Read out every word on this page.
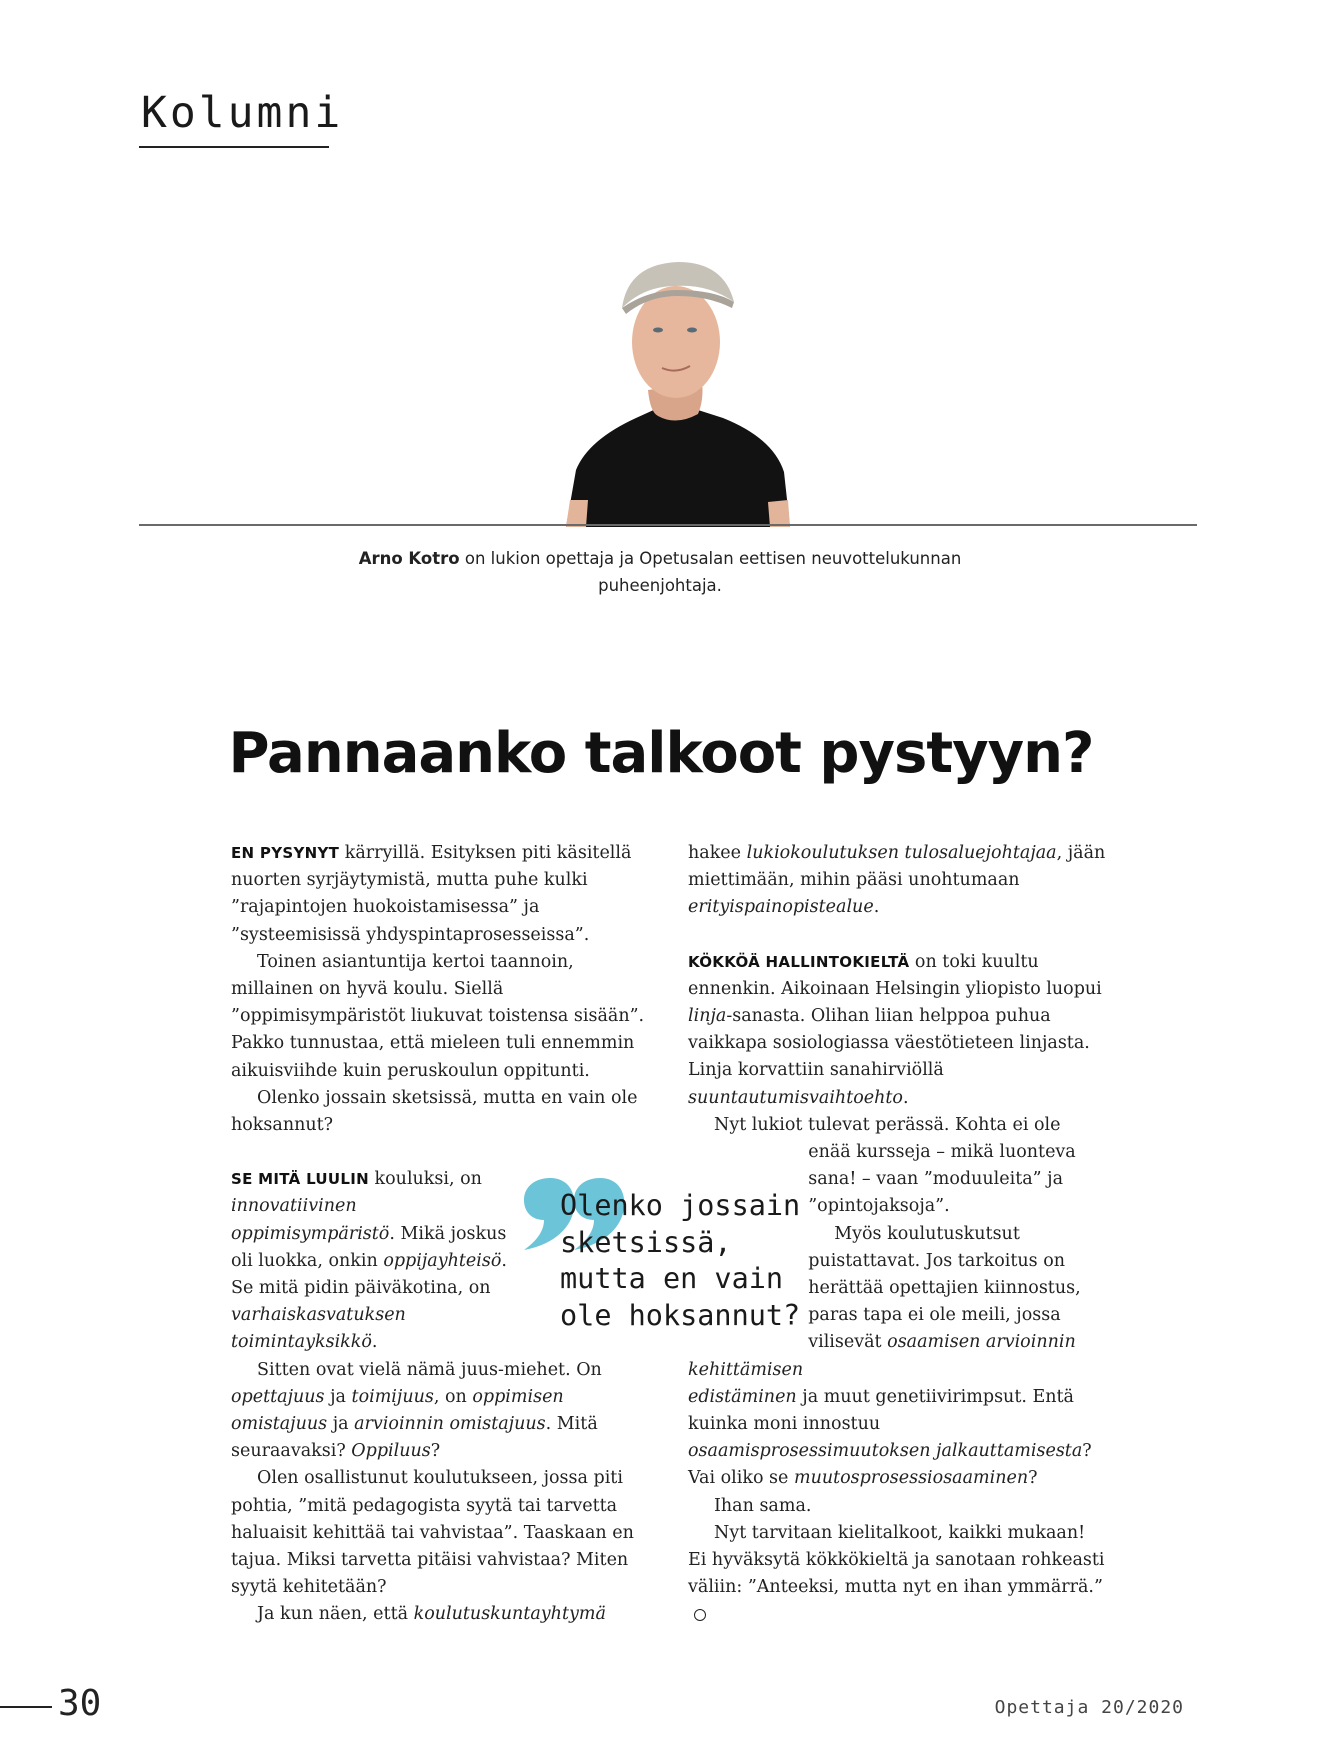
Kolumni
Arno Kotro on lukion opettaja ja Opetusalan eettisen neuvottelukunnan puheenjohtaja.
Pannaanko talkoot pystyyn?

EN PYSYNYT kärryillä. Esityksen piti käsitellä nuorten syrjäytymistä, mutta puhe kulki ”rajapintojen huokoistamisessa” ja ”systeemisissä yhdyspintaprosesseissa”.

Toinen asiantuntija kertoi taannoin, millainen on hyvä koulu. Siellä ”oppimisympäristöt liukuvat toistensa sisään”. Pakko tunnustaa, että mieleen tuli ennemmin aikuisviihde kuin peruskoulun oppitunti.

Olenko jossain sketsissä, mutta en vain ole hoksannut?

SE MITÄ LUULIN kouluksi, on innovatiivinen oppimisympäristö. Mikä joskus oli luokka, onkin oppijayhteisö. Se mitä pidin päiväkotina, on varhaiskasvatuksen toimintayksikkö.

Sitten ovat vielä nämä juus-miehet. On opettajuus ja toimijuus, on oppimisen omistajuus ja arvioinnin omistajuus. Mitä seuraavaksi? Oppiluus?

Olen osallistunut koulutukseen, jossa piti pohtia, ”mitä pedagogista syytä tai tarvetta haluaisit kehittää tai vahvistaa”. Taaskaan en tajua. Miksi tarvetta pitäisi vahvistaa? Miten syytä kehitetään?

Ja kun näen, että koulutuskuntayhtymä

Olenko jossain
sketsissä,
mutta en vain
ole hoksannut?

hakee lukiokoulutuksen tulosaluejohtajaa, jään miettimään, mihin pääsi unohtumaan erityispainopistealue.

KÖKKÖÄ HALLINTOKIELTÄ on toki kuultu ennenkin. Aikoinaan Helsingin yliopisto luopui linja-sanasta. Olihan liian helppoa puhua vaikkapa sosiologiassa väestötieteen linjasta. Linja korvattiin sanahirviöllä suuntautumisvaihtoehto.

Nyt lukiot tulevat perässä. Kohta ei ole

enää kursseja – mikä luonteva sana! – vaan ”moduuleita” ja ”opintojaksoja”.

Myös koulutuskutsut puistattavat. Jos tarkoitus on herättää opettajien kiinnostus, paras tapa ei ole meili, jossa vilisevät osaamisen arvioinnin kehittämisen

edistäminen ja muut genetiivirimpsut. Entä kuinka moni innostuu osaamisprosessimuutoksen jalkauttamisesta? Vai oliko se muutosprosessiosaaminen?

Ihan sama.

Nyt tarvitaan kielitalkoot, kaikki mukaan! Ei hyväksytä kökkökieltä ja sanotaan rohkeasti väliin: ”Anteeksi, mutta nyt en ihan ymmärrä.”

30	Opettaja 20/2020
